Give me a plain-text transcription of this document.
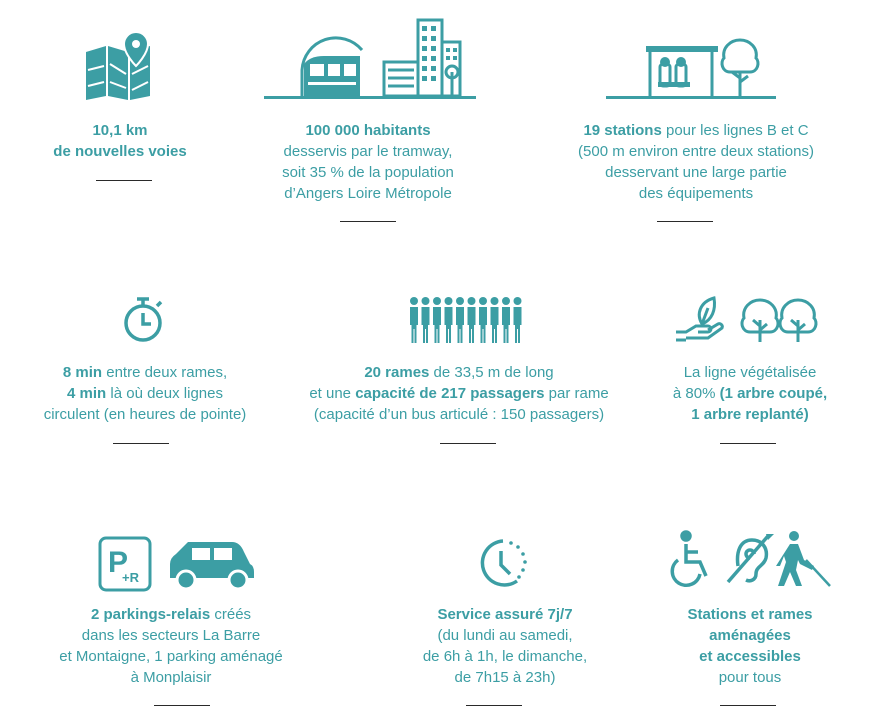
10,1 km
de nouvelles voies
100 000 habitants
desservis par le tramway,
soit 35 % de la population
d’Angers Loire Métropole
19 stations pour les lignes B et C
(500 m environ entre deux stations)
desservant une large partie
des équipements
8 min entre deux rames,
4 min là où deux lignes
circulent (en heures de pointe)
20 rames de 33,5 m de long
et une capacité de 217 passagers par rame
(capacité d’un bus articulé : 150 passagers)
La ligne végétalisée
à 80% (1 arbre coupé,
1 arbre replanté)
P
+R
2 parkings-relais créés
dans les secteurs La Barre
et Montaigne, 1 parking aménagé
à Monplaisir
Service assuré 7j/7
(du lundi au samedi,
de 6h à 1h, le dimanche,
de 7h15 à 23h)
Stations et rames
aménagées
et accessibles
pour tous
